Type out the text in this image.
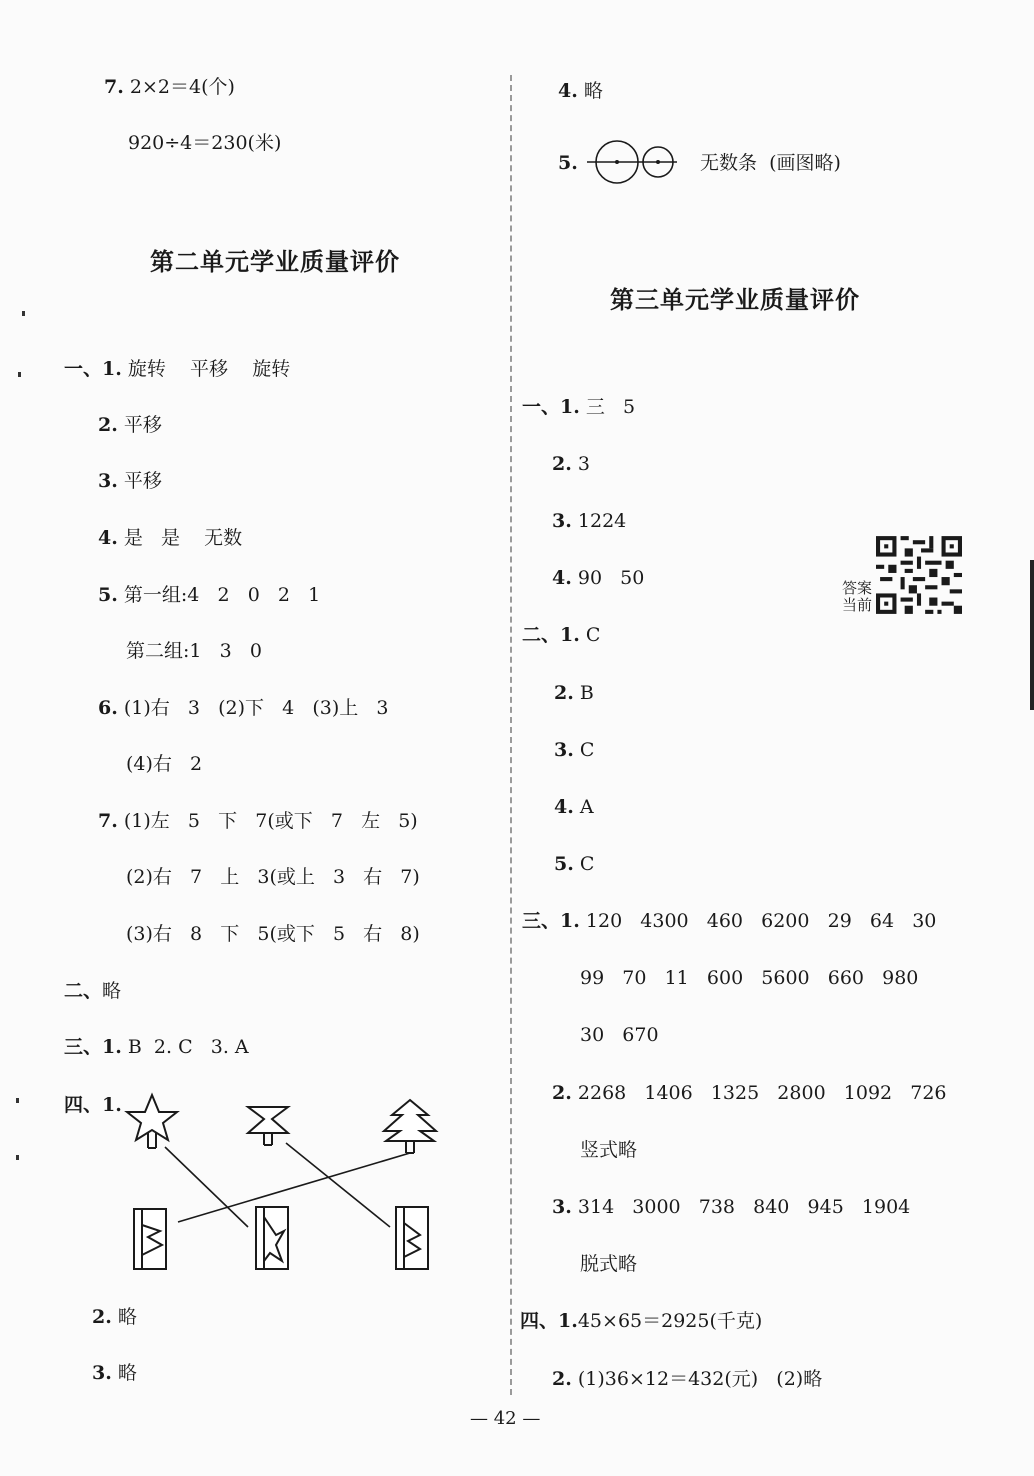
7. 2×2＝4(个)
920÷4＝230(米)
第二单元学业质量评价
一、1. 旋转    平移    旋转
2. 平移
3. 平移
4. 是   是    无数
5. 第一组:4   2   0   2   1
第二组:1   3   0
6. (1)右   3   (2)下   4   (3)上   3
(4)右   2
7. (1)左   5   下   7(或下   7   左   5)
(2)右   7   上   3(或上   3   右   7)
(3)右   8   下   5(或下   5   右   8)
二、略
三、1. B  2. C   3. A
四、1.
2. 略
3. 略
4. 略
5.	无数条  (画图略)
第三单元学业质量评价
一、1. 三   5
2. 3
3. 1224
4. 90   50
二、1. C
2. B
3. C
4. A
5. C
三、1. 120   4300   460   6200   29   64   30
99   70   11   600   5600   660   980
30   670
2. 2268   1406   1325   2800   1092   726
竖式略
3. 314   3000   738   840   945   1904
脱式略
四、1.45×65＝2925(千克)
2. (1)36×12＝432(元)   (2)略
答案
当前
— 42 —
